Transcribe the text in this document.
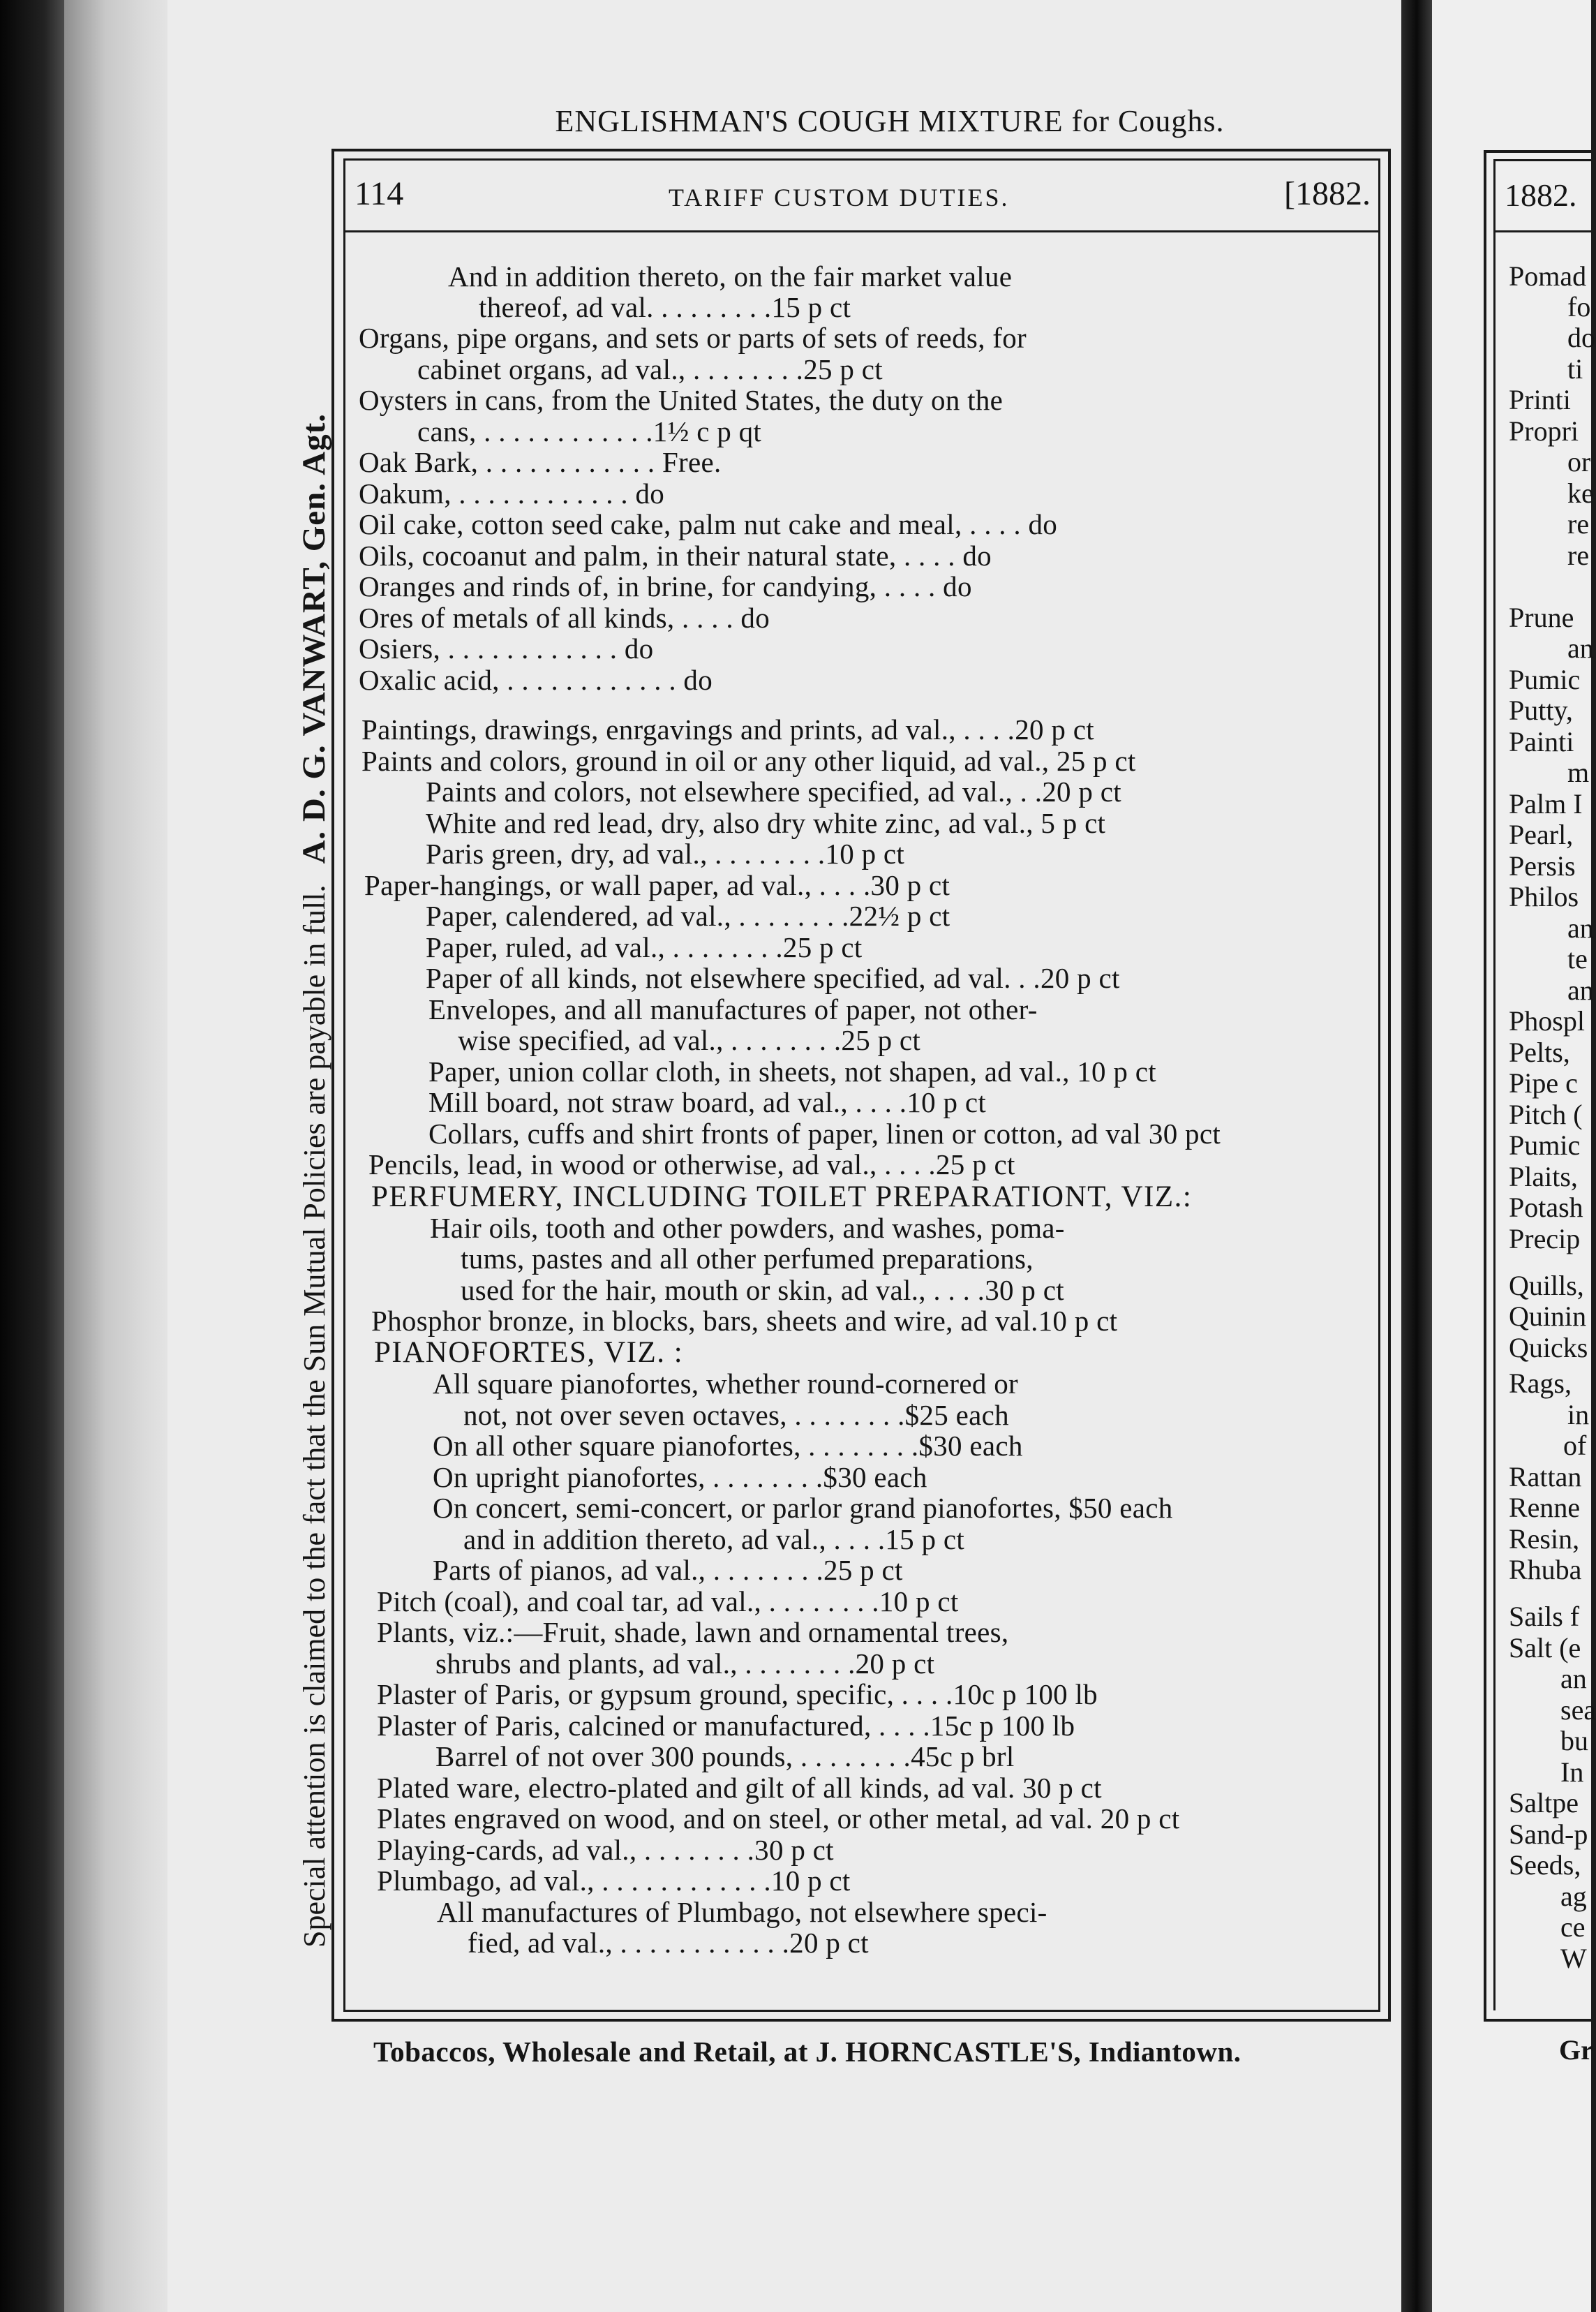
ENGLISHMAN'S COUGH MIXTURE for Coughs.
Special attention is claimed to the fact that the Sun Mutual Policies are payable in full.
A. D. G. VANWART, Gen. Agt.
114	TARIFF CUSTOM DUTIES.	[1882.
And in addition thereto, on the fair market value
thereof, ad val. . . . . . . . .15 p ct
Organs, pipe organs, and sets or parts of sets of reeds, for
cabinet organs, ad val., . . . . . . . .25 p ct
Oysters in cans, from the United States, the duty on the
cans, . . . . . . . . . . . .1½ c p qt
Oak Bark, . . . . . . . . . . . . Free.
Oakum, . . . . . . . . . . . . do
Oil cake, cotton seed cake, palm nut cake and meal, . . . . do
Oils, cocoanut and palm, in their natural state, . . . . do
Oranges and rinds of, in brine, for candying, . . . . do
Ores of metals of all kinds, . . . . do
Osiers, . . . . . . . . . . . . do
Oxalic acid, . . . . . . . . . . . . do
Paintings, drawings, enrgavings and prints, ad val., . . . .20 p ct
Paints and colors, ground in oil or any other liquid, ad val., 25 p ct
Paints and colors, not elsewhere specified, ad val., . .20 p ct
White and red lead, dry, also dry white zinc, ad val., 5 p ct
Paris green, dry, ad val., . . . . . . . .10 p ct
Paper-hangings, or wall paper, ad val., . . . .30 p ct
Paper, calendered, ad val., . . . . . . . .22½ p ct
Paper, ruled, ad val., . . . . . . . .25 p ct
Paper of all kinds, not elsewhere specified, ad val. . .20 p ct
Envelopes, and all manufactures of paper, not other-
wise specified, ad val., . . . . . . . .25 p ct
Paper, union collar cloth, in sheets, not shapen, ad val., 10 p ct
Mill board, not straw board, ad val., . . . .10 p ct
Collars, cuffs and shirt fronts of paper, linen or cotton, ad val 30 pct
Pencils, lead, in wood or otherwise, ad val., . . . .25 p ct
PERFUMERY, INCLUDING TOILET PREPARATIONT, VIZ.:
Hair oils, tooth and other powders, and washes, poma-
tums, pastes and all other perfumed preparations,
used for the hair, mouth or skin, ad val., . . . .30 p ct
Phosphor bronze, in blocks, bars, sheets and wire, ad val.10 p ct
PIANOFORTES, VIZ. :
All square pianofortes, whether round-cornered or
not, not over seven octaves, . . . . . . . .$25 each
On all other square pianofortes, . . . . . . . .$30 each
On upright pianofortes, . . . . . . . .$30 each
On concert, semi-concert, or parlor grand pianofortes, $50 each
and in addition thereto, ad val., . . . .15 p ct
Parts of pianos, ad val., . . . . . . . .25 p ct
Pitch (coal), and coal tar, ad val., . . . . . . . .10 p ct
Plants, viz.:—Fruit, shade, lawn and ornamental trees,
shrubs and plants, ad val., . . . . . . . .20 p ct
Plaster of Paris, or gypsum ground, specific, . . . .10c p 100 lb
Plaster of Paris, calcined or manufactured, . . . .15c p 100 lb
Barrel of not over 300 pounds, . . . . . . . .45c p brl
Plated ware, electro-plated and gilt of all kinds, ad val. 30 p ct
Plates engraved on wood, and on steel, or other metal, ad val. 20 p ct
Playing-cards, ad val., . . . . . . . .30 p ct
Plumbago, ad val., . . . . . . . . . . . .10 p ct
All manufactures of Plumbago, not elsewhere speci-
fied, ad val., . . . . . . . . . . . .20 p ct
Tobaccos, Wholesale and Retail, at J. HORNCASTLE'S, Indiantown.
1882.
Pomad
fo
do
ti
Printi
Propri
or
ke
re
re
Prune
an
Pumic
Putty,
Painti
m
Palm I
Pearl,
Persis
Philos
an
te
an
Phospl
Pelts,
Pipe c
Pitch (
Pumic
Plaits,
Potash
Precip
Quills,
Quinin
Quicks
Rags,
in
of
Rattan
Renne
Resin,
Rhuba
Sails f
Salt (e
an
sea
bu
In
Saltpe
Sand-p
Seeds,
ag
ce
W
Gr
